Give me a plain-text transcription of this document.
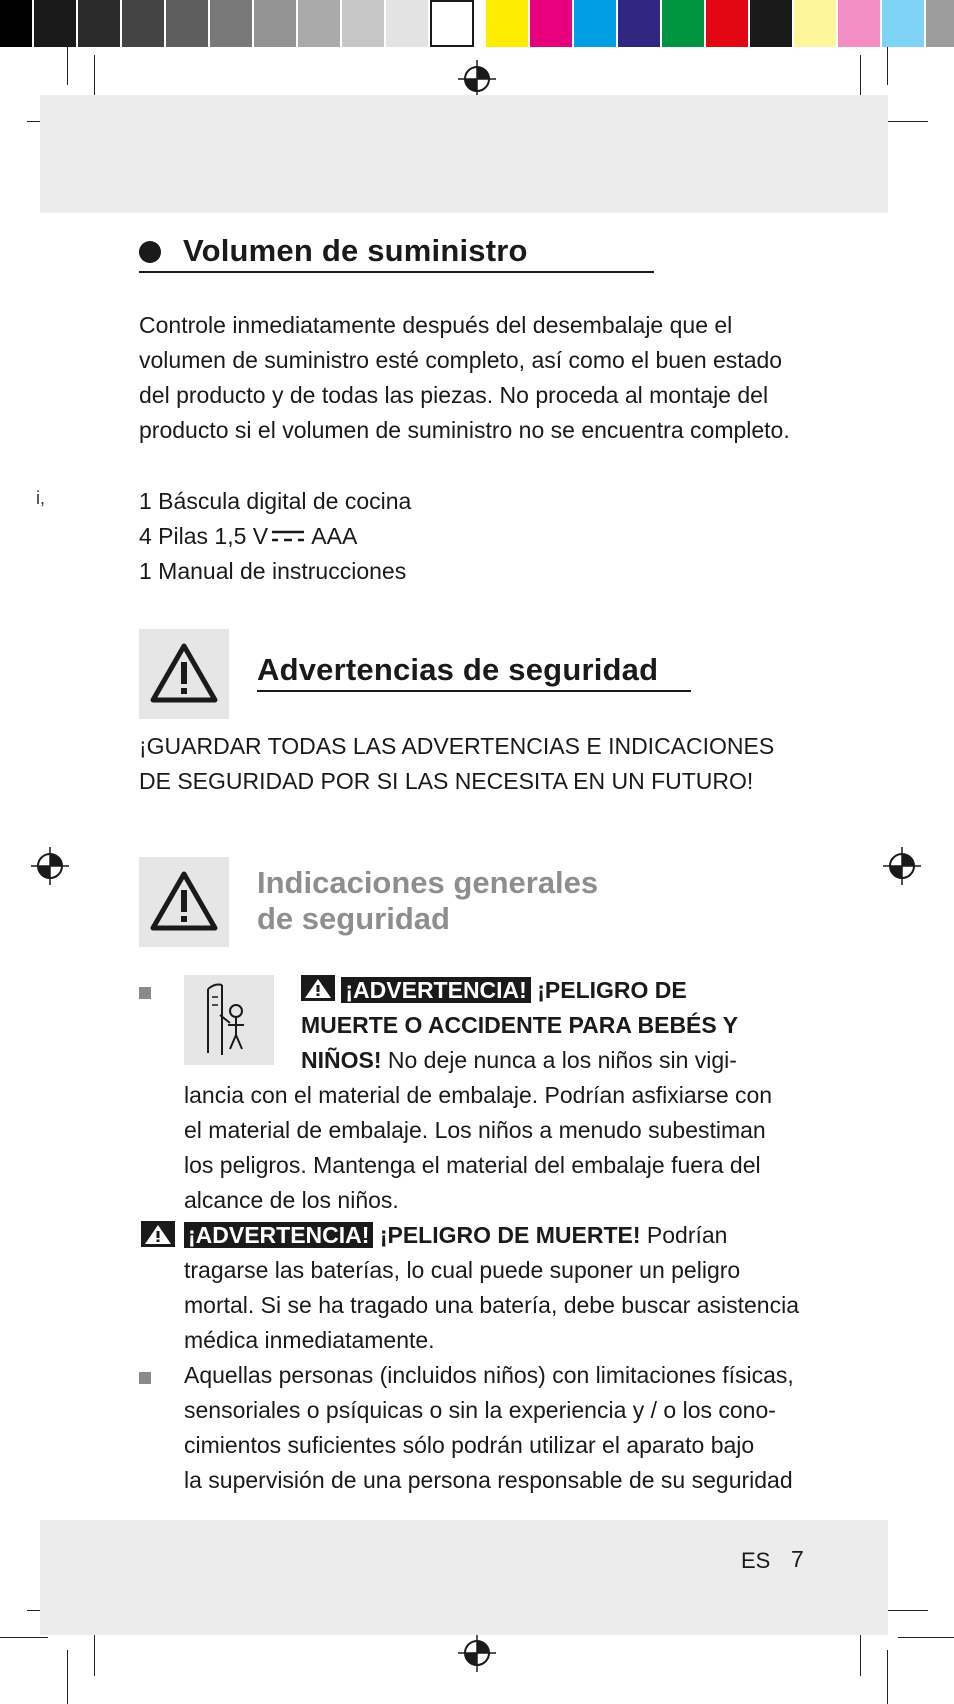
i,
Volumen de suministro
Controle inmediatamente después del desembalaje que el
volumen de suministro esté completo, así como el buen estado
del producto y de todas las piezas. No proceda al montaje del
producto si el volumen de suministro no se encuentra completo.
1 Báscula digital de cocina
4 Pilas 1,5 V AAA
1 Manual de instrucciones
Advertencias de seguridad
¡GUARDAR TODAS LAS ADVERTENCIAS E INDICACIONES
DE SEGURIDAD POR SI LAS NECESITA EN UN FUTURO!
Indicaciones generales
de seguridad
¡ADVERTENCIA! ¡PELIGRO DE
MUERTE O ACCIDENTE PARA BEBÉS Y
NIÑOS! No deje nunca a los niños sin vigi-
lancia con el material de embalaje. Podrían asfixiarse con
el material de embalaje. Los niños a menudo subestiman
los peligros. Mantenga el material del embalaje fuera del
alcance de los niños.
¡ADVERTENCIA! ¡PELIGRO DE MUERTE! Podrían
tragarse las baterías, lo cual puede suponer un peligro
mortal. Si se ha tragado una batería, debe buscar asistencia
médica inmediatamente.
Aquellas personas (incluidos niños) con limitaciones físicas,
sensoriales o psíquicas o sin la experiencia y / o los cono-
cimientos suficientes sólo podrán utilizar el aparato bajo
la supervisión de una persona responsable de su seguridad
ES 7
